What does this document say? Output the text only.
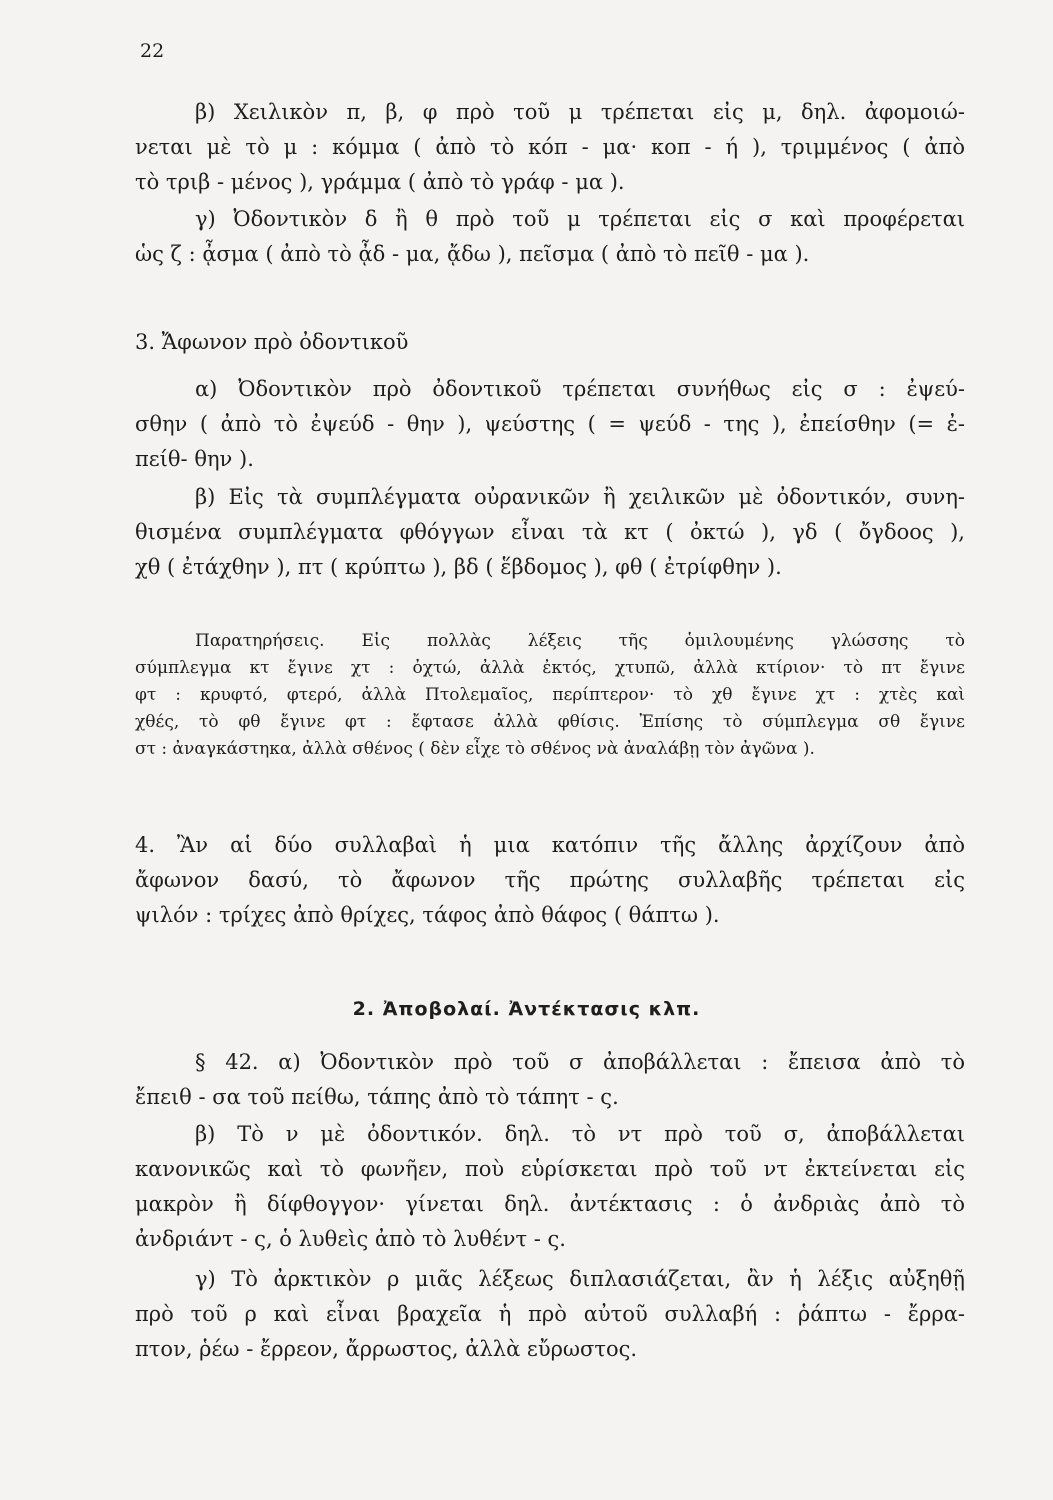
22
β) Χειλικὸν π, β, φ πρὸ τοῦ μ τρέπεται εἰς μ, δηλ. ἀφομοιώ-
νεται μὲ τὸ μ : κόμμα ( ἀπὸ τὸ κόπ - μα· κοπ - ή ), τριμμένος ( ἀπὸ
τὸ τριβ - μένος ), γράμμα ( ἀπὸ τὸ γράφ - μα ).
γ) Ὀδοντικὸν δ ἢ θ πρὸ τοῦ μ τρέπεται εἰς σ καὶ προφέρεται
ὡς ζ : ᾆσμα ( ἀπὸ τὸ ᾆδ - μα, ᾄδω ), πεῖσμα ( ἀπὸ τὸ πεῖθ - μα ).
3. Ἄφωνον πρὸ ὀδοντικοῦ
α) Ὀδοντικὸν πρὸ ὀδοντικοῦ τρέπεται συνήθως εἰς σ : ἐψεύ-
σθην ( ἀπὸ τὸ ἐψεύδ - θην ), ψεύστης ( = ψεύδ - της ), ἐπείσθην (= ἐ-
πείθ- θην ).
β) Εἰς τὰ συμπλέγματα οὐρανικῶν ἢ χειλικῶν μὲ ὀδοντικόν, συνη-
θισμένα συμπλέγματα φθόγγων εἶναι τὰ κτ ( ὀκτώ ), γδ ( ὄγδοος ),
χθ ( ἐτάχθην ), πτ ( κρύπτω ), βδ ( ἕβδομος ), φθ ( ἐτρίφθην ).
Παρατηρήσεις. Εἰς πολλὰς λέξεις τῆς ὁμιλουμένης γλώσσης τὸ
σύμπλεγμα κτ ἔγινε χτ : ὀχτώ, ἀλλὰ ἐκτός, χτυπῶ, ἀλλὰ κτίριον· τὸ πτ ἔγινε
φτ : κρυφτό, φτερό, ἀλλὰ Πτολεμαῖος, περίπτερον· τὸ χθ ἔγινε χτ : χτὲς καὶ
χθές, τὸ φθ ἔγινε φτ : ἔφτασε ἀλλὰ φθίσις. Ἐπίσης τὸ σύμπλεγμα σθ ἔγινε
στ : ἀναγκάστηκα, ἀλλὰ σθένος ( δὲν εἶχε τὸ σθένος νὰ ἀναλάβῃ τὸν ἀγῶνα ).
4. Ἂν αἱ δύο συλλαβαὶ ἡ μια κατόπιν τῆς ἄλλης ἀρχίζουν ἀπὸ
ἄφωνον δασύ, τὸ ἄφωνον τῆς πρώτης συλλαβῆς τρέπεται εἰς
ψιλόν : τρίχες ἀπὸ θρίχες, τάφος ἀπὸ θάφος ( θάπτω ).
2. Ἀποβολαί. Ἀντέκτασις κλπ.
§ 42. α) Ὀδοντικὸν πρὸ τοῦ σ ἀποβάλλεται : ἔπεισα ἀπὸ τὸ
ἔπειθ - σα τοῦ πείθω, τάπης ἀπὸ τὸ τάπητ - ς.
β) Τὸ ν μὲ ὀδοντικόν. δηλ. τὸ ντ πρὸ τοῦ σ, ἀποβάλλεται
κανονικῶς καὶ τὸ φωνῆεν, ποὺ εὑρίσκεται πρὸ τοῦ ντ ἐκτείνεται εἰς
μακρὸν ἢ δίφθογγον· γίνεται δηλ. ἀντέκτασις : ὁ ἀνδριὰς ἀπὸ τὸ
ἀνδριάντ - ς, ὁ λυθεὶς ἀπὸ τὸ λυθέντ - ς.
γ) Τὸ ἀρκτικὸν ρ μιᾶς λέξεως διπλασιάζεται, ἂν ἡ λέξις αὐξηθῇ
πρὸ τοῦ ρ καὶ εἶναι βραχεῖα ἡ πρὸ αὐτοῦ συλλαβή : ῥάπτω - ἔρρα-
πτον, ῥέω - ἔρρεον, ἄρρωστος, ἀλλὰ εὔρωστος.
